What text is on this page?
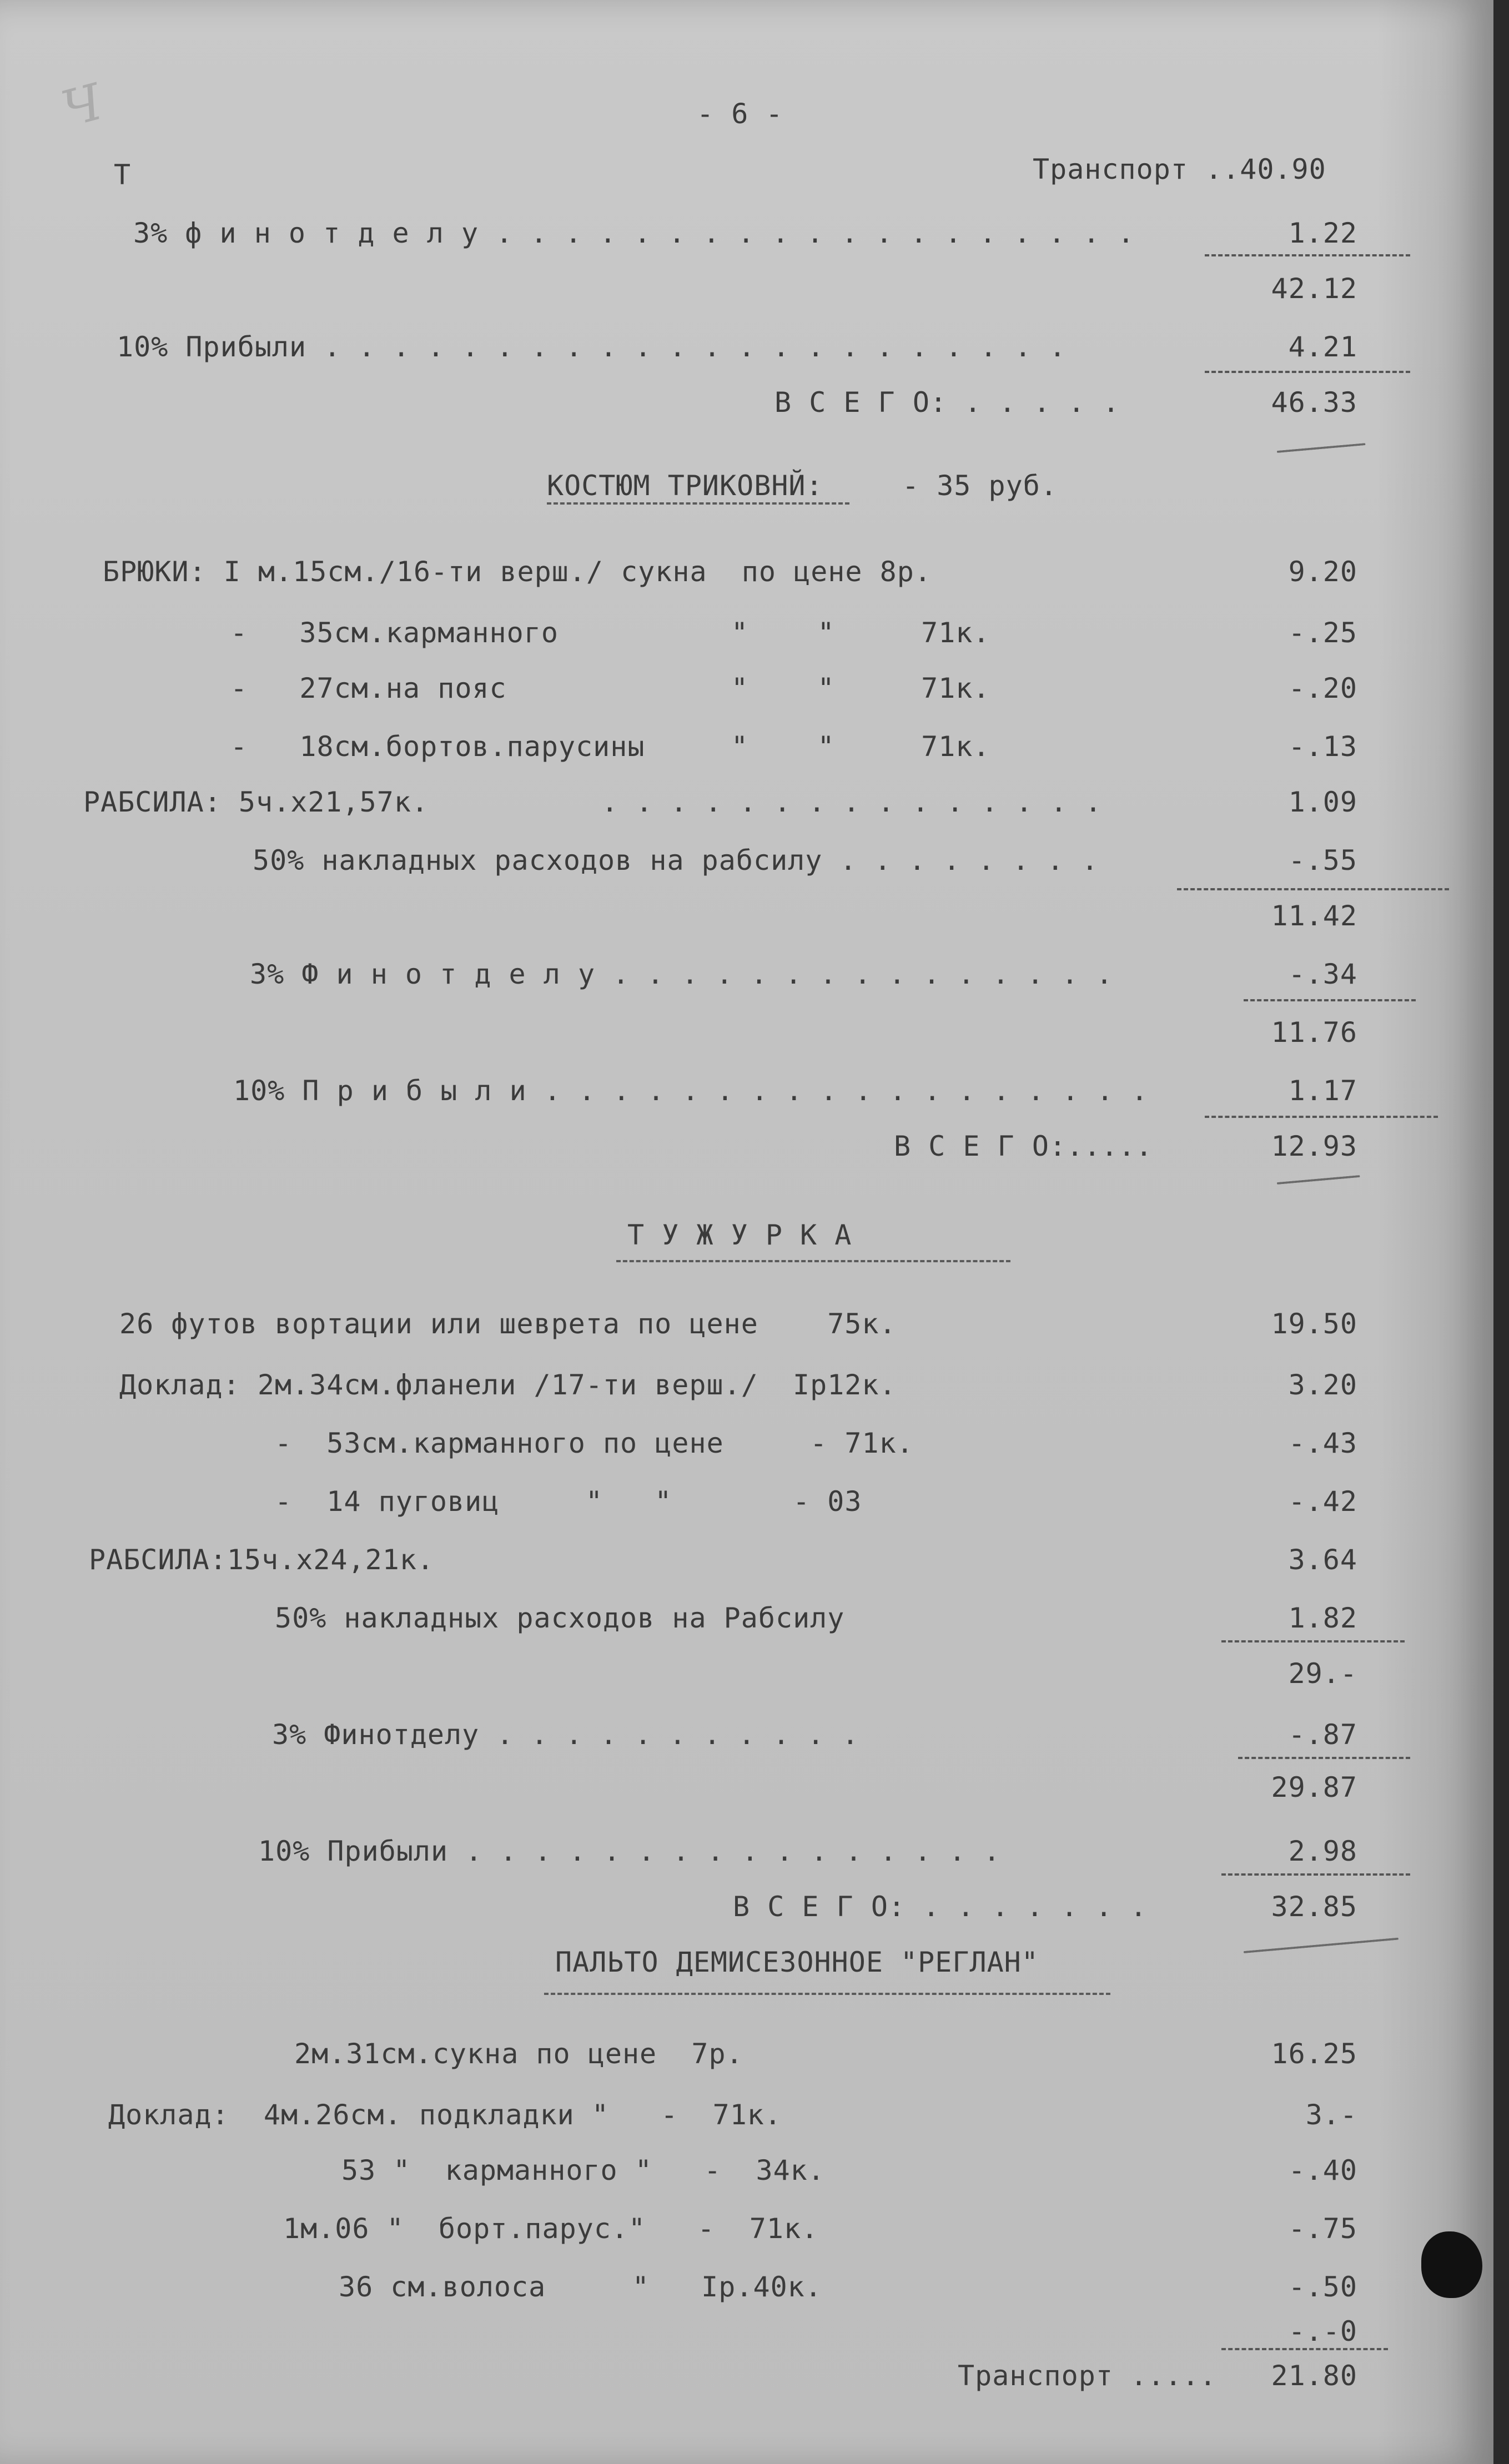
Ч	- 6 -
Т	Транспорт ..40.90
3% ф и н о т д е л у . . . . . . . . . . . . . . . . . . .	1.22
42.12
10% Прибыли . . . . . . . . . . . . . . . . . . . . . .	4.21
В С Е Г О: . . . . .	46.33
КОСТЮМ ТРИКОВНЙ:	- 35 руб.
БРЮКИ: I м.15см./16-ти верш./ сукна  по цене 8р.	9.20
-   35см.карманного          "    "     71к.	-.25
-   27см.на пояс             "    "     71к.	-.20
-   18см.бортов.парусины     "    "     71к.	-.13
РАБСИЛА: 5ч.х21,57к.          . . . . . . . . . . . . . . .	1.09
50% накладных расходов на рабсилу . . . . . . . .	-.55
11.42
3% Ф и н о т д е л у . . . . . . . . . . . . . . .	-.34
11.76
10% П р и б ы л и . . . . . . . . . . . . . . . . . .	1.17
В С Е Г О:.....	12.93
Т У Ж У Р К А
26 футов вортации или шеврета по цене    75к.	19.50
Доклад: 2м.34см.фланели /17-ти верш./  Iр12к.	3.20
-  53см.карманного по цене     - 71к.	-.43
-  14 пуговиц     "   "       - 03	-.42
РАБСИЛА:15ч.х24,21к.	3.64
50% накладных расходов на Рабсилу	1.82
29.-
3% Финотделу . . . . . . . . . . .	-.87
29.87
10% Прибыли . . . . . . . . . . . . . . . .	2.98
В С Е Г О: . . . . . . .	32.85
ПАЛЬТО ДЕМИСЕЗОННОЕ "РЕГЛАН"
2м.31см.сукна по цене  7р.	16.25
Доклад:  4м.26см. подкладки "   -  71к.	3.-
53 "  карманного "   -  34к.	-.40
1м.06 "  борт.парус."   -  71к.	-.75
36 см.волоса     "   Iр.40к.	-.50
-.-0
Транспорт .....	21.80
